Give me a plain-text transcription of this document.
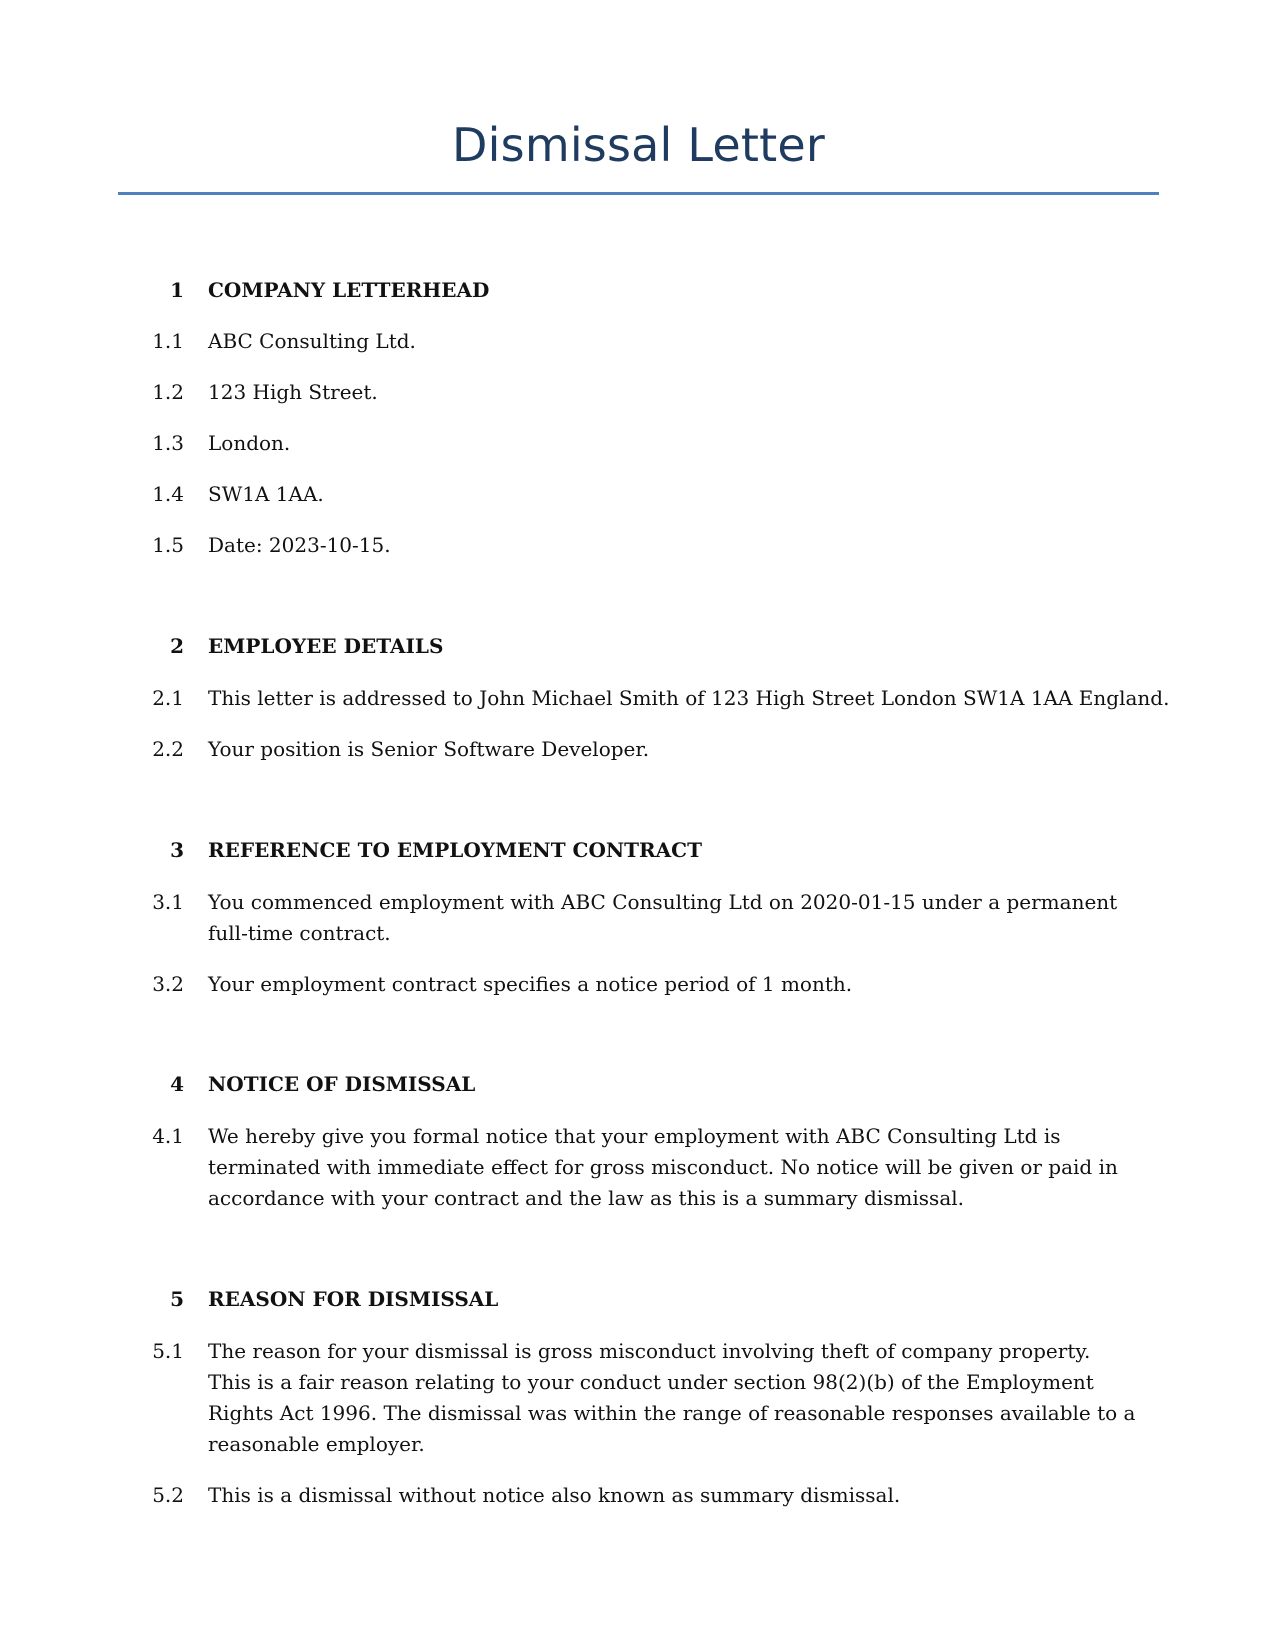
Dismissal Letter
1 COMPANY LETTERHEAD
1.1 ABC Consulting Ltd.
1.2 123 High Street.
1.3 London.
1.4 SW1A 1AA.
1.5 Date: 2023-10-15.
2 EMPLOYEE DETAILS
2.1 This letter is addressed to John Michael Smith of 123 High Street London SW1A 1AA England.
2.2 Your position is Senior Software Developer.
3 REFERENCE TO EMPLOYMENT CONTRACT
3.1 You commenced employment with ABC Consulting Ltd on 2020-01-15 under a permanent full-time contract.
3.2 Your employment contract specifies a notice period of 1 month.
4 NOTICE OF DISMISSAL
4.1 We hereby give you formal notice that your employment with ABC Consulting Ltd is terminated with immediate effect for gross misconduct. No notice will be given or paid in accordance with your contract and the law as this is a summary dismissal.
5 REASON FOR DISMISSAL
5.1 The reason for your dismissal is gross misconduct involving theft of company property. This is a fair reason relating to your conduct under section 98(2)(b) of the Employment Rights Act 1996. The dismissal was within the range of reasonable responses available to a reasonable employer.
5.2 This is a dismissal without notice also known as summary dismissal.
